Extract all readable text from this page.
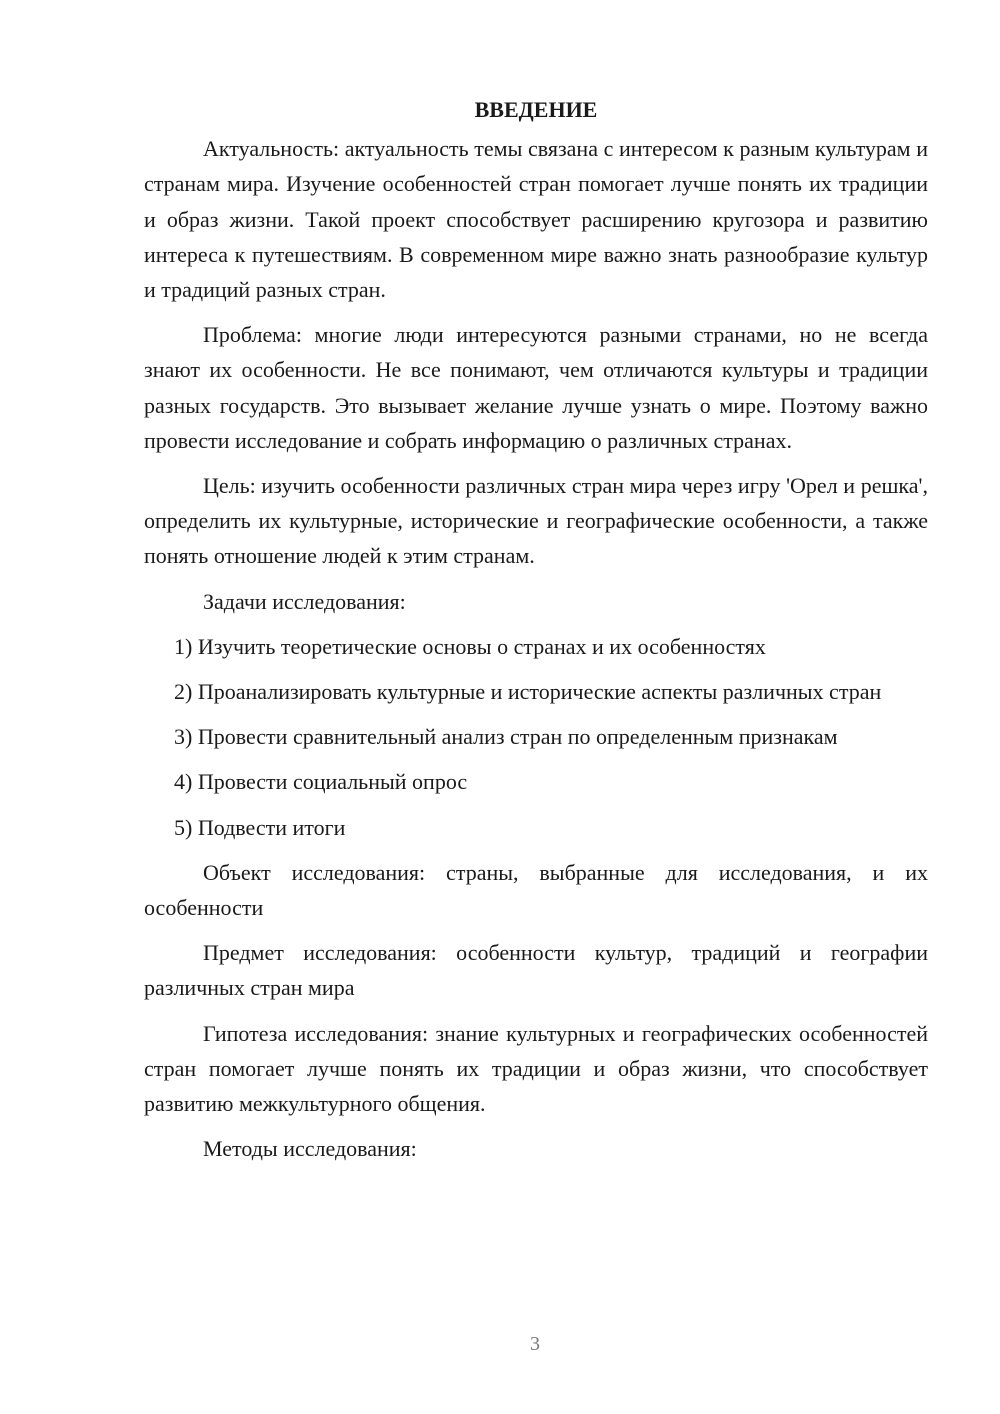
ВВЕДЕНИЕ

Актуальность: актуальность темы связана с интересом к разным культурам и странам мира. Изучение особенностей стран помогает лучше понять их традиции и образ жизни. Такой проект способствует расширению кругозора и развитию интереса к путешествиям. В современном мире важно знать разнообразие культур и традиций разных стран.

Проблема: многие люди интересуются разными странами, но не всегда знают их особенности. Не все понимают, чем отличаются культуры и традиции разных государств. Это вызывает желание лучше узнать о мире. Поэтому важно провести исследование и собрать информацию о различных странах.

Цель: изучить особенности различных стран мира через игру 'Орел и решка', определить их культурные, исторические и географические особенности, а также понять отношение людей к этим странам.

Задачи исследования:

1) Изучить теоретические основы о странах и их особенностях

2) Проанализировать культурные и исторические аспекты различных стран

3) Провести сравнительный анализ стран по определенным признакам

4) Провести социальный опрос

5) Подвести итоги

Объект исследования: страны, выбранные для исследования, и их особенности

Предмет исследования: особенности культур, традиций и географии различных стран мира

Гипотеза исследования: знание культурных и географических особенностей стран помогает лучше понять их традиции и образ жизни, что способствует развитию межкультурного общения.

Методы исследования:

3
